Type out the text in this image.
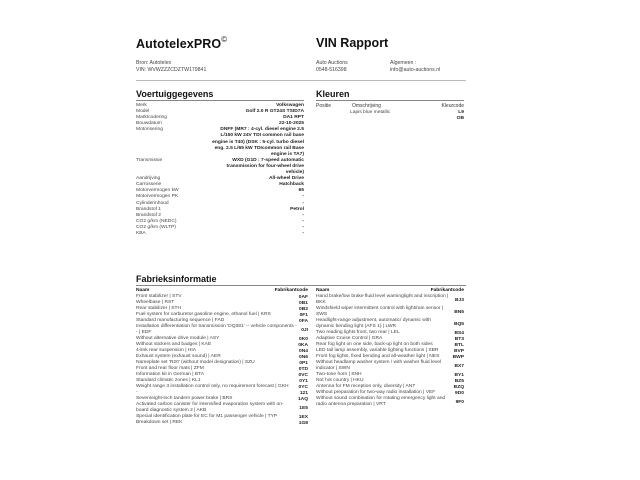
AutotelexPRO©	VIN Rapport
Bron: Autotelex
VIN: WVWZZZCDZTW179841
Auto Auctions
0548-516398
Algemeen :
info@auto-auctions.nl
Voertuiggegevens
Merk	Volkswagen
Model	Golf 2.0 R GT24S TSID7A
Marktcodering	DA1 RPT
Bouwdatum	22-10-2025
Motorisering	DNFF (MR7 : 4-cyl. diesel engine 2.5 L/150 kW 24V TDI common rail base engine is T40) (DSK : 5-cyl. turbo diesel eng. 2.5 L/65 kW TDIcommon rail Base engine is TA7)
Transmissie	WXD (G1D : 7-speed automatic transmission for four-wheel drive vehicle)
Aandrijving	All-wheel Drive
Carrosserie	Hatchback
Motorvermogen kW	65
Motorvermogen PK	-
Cylinderinhoud	-
Brandstof 1	Petrol
Brandstof 2	-
CO2 g/km (NEDC)	-
CO2 g/km (WLTP)	-
KBA	-
Kleuren
Positie	Omschrijving	Kleurcode
Lapis blue metallic	L9
OB
Fabrieksinformatie
Naam	Fabrikantcode
Front stabilizer | STV	0AF
Wheelbase | RST	0B1
Rear stabilizer | STH	0B2
Fuel system for carburetor gasoline engine, ethanol fuel | KRS	0F1
Standard manufacturing sequence | FAD	0FA
Installation differentiation for transmission 'DQ381' -- vehicle components -- | EDF	0JI
Without alternative drive module | ASY	0K0
Without stickers and badges | KAE	0KA
4-link rear suspension | HIA	0N4
Exhaust system (exhaust sound) | AER	0N6
Nameplate set 'R20' (without model designation) | SZU	0P1
Front and rear floor mats | ZFM	0TD
Information kit in German | BTA	0VC
Standard climatic zones | KL1	0Y1
Weight range 3 installation control only, no requirement forecast | GKH	0YC
-	121
Seven/eight-inch tandem power brake | BRS	1AQ
Activated carbon canister for intensified evaporation system with on-board diagnostic system 2 | AKB	1E5
Special identification plate for EC for M1 passenger vehicle | TYP	1EX
Breakdown set | REK	1G8
Naam	Fabrikantcode
Hand brake/low brake fluid level warninglight and inscription | BKK	BJ3
Windshield wiper intermittent control with light/rain sensor | SWS	BN5
Headlight-range adjustment, automatic/ dynamic with dynamic bending light (AFS 1) | LWR	BQ5
Two reading lights front, two rear | LEL	BS4
Adaptive Cruise Control | GRA	BT3
Rear fog light on one side, back-up light on both sides	BTL
LED tail lamp assembly, variable lighting functions | SBR	BVP
Front fog lights, fixed bending and all-weather light | NES	BWP
Without headlamp washer system / with washer fluid level indicator | SWN	BX7
Two-tone horn | SNH	BY1
Not hot country | HKU	BZ5
Antenna for FM reception only, diversity | ANT	BZQ
Without preparation for two-way radio installation | VEF	9D0
Without sound combination for rotating emergency light and radio antenna preparation | VRT	9F0
